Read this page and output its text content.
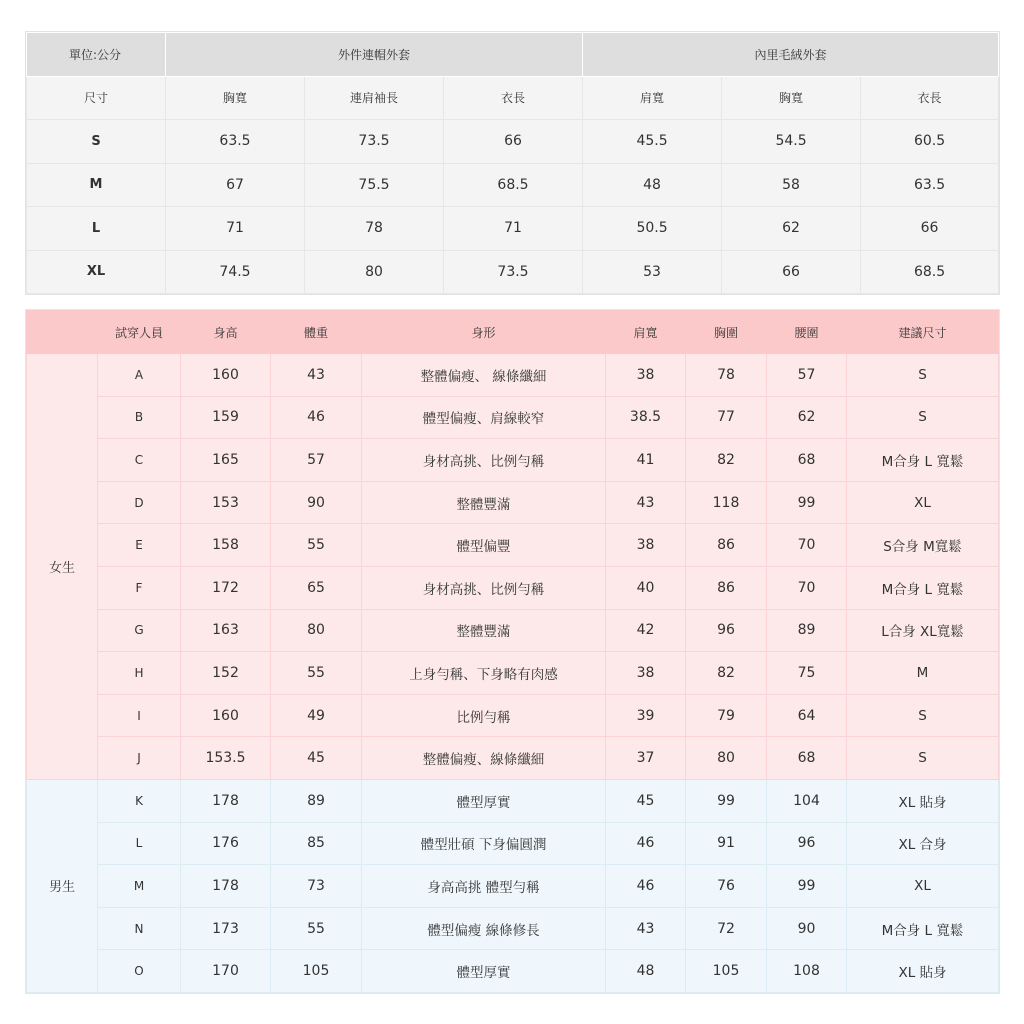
單位:公分	外件連帽外套			內里毛絨外套		
尺寸	胸寬	連肩袖長	衣長	肩寬	胸寬	衣長
S	63.5	73.5	66	45.5	54.5	60.5
M	67	75.5	68.5	48	58	63.5
L	71	78	71	50.5	62	66
XL	74.5	80	73.5	53	66	68.5
	試穿人員	身高	體重	身形	肩寬	胸圍	腰圍	建議尺寸
女生	A	160	43	整體偏瘦、 線條纖細	38	78	57	S
	B	159	46	體型偏瘦、肩線較窄	38.5	77	62	S
	C	165	57	身材高挑、比例勻稱	41	82	68	M合身 L 寬鬆
	D	153	90	整體豐滿	43	118	99	XL
	E	158	55	體型偏豐	38	86	70	S合身 M寬鬆
	F	172	65	身材高挑、比例勻稱	40	86	70	M合身 L 寬鬆
	G	163	80	整體豐滿	42	96	89	L合身 XL寬鬆
	H	152	55	上身勻稱、下身略有肉感	38	82	75	M
	I	160	49	比例勻稱	39	79	64	S
	J	153.5	45	整體偏瘦、線條纖細	37	80	68	S
男生	K	178	89	體型厚實	45	99	104	XL 貼身
	L	176	85	體型壯碩 下身偏圓潤	46	91	96	XL 合身
	M	178	73	身高高挑 體型勻稱	46	76	99	XL
	N	173	55	體型偏瘦 線條修長	43	72	90	M合身 L 寬鬆
	O	170	105	體型厚實	48	105	108	XL 貼身
